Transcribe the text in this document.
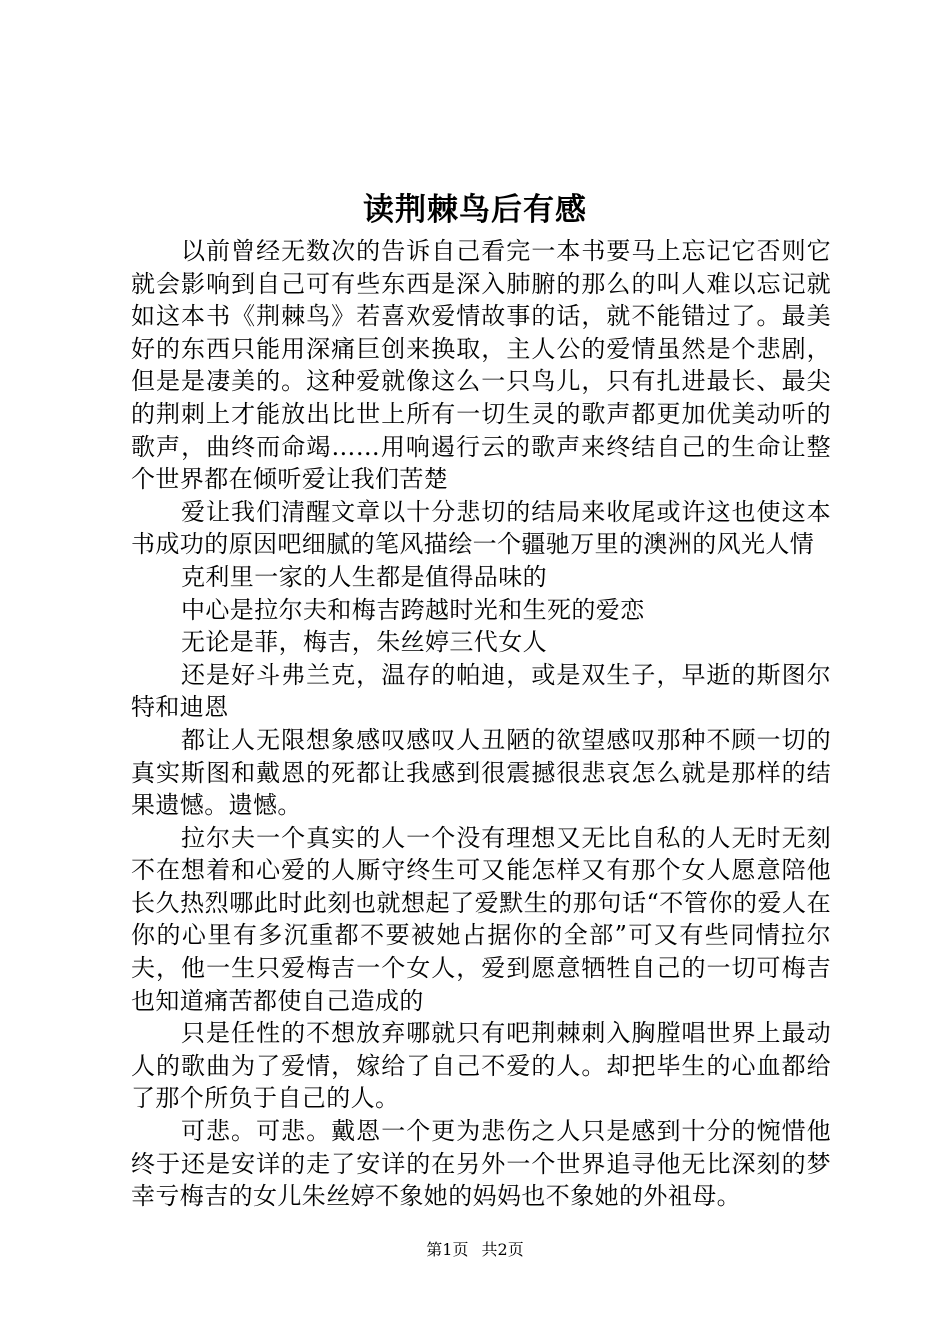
读荆棘鸟后有感

以前曾经无数次的告诉自己看完一本书要马上忘记它否则它就会影响到自己可有些东西是深入肺腑的那么的叫人难以忘记就如这本书《荆棘鸟》若喜欢爱情故事的话，就不能错过了。最美好的东西只能用深痛巨创来换取，主人公的爱情虽然是个悲剧，但是是凄美的。这种爱就像这么一只鸟儿，只有扎进最长、最尖的荆刺上才能放出比世上所有一切生灵的歌声都更加优美动听的歌声，曲终而命竭……用响遏行云的歌声来终结自己的生命让整个世界都在倾听爱让我们苦楚

爱让我们清醒文章以十分悲切的结局来收尾或许这也使这本书成功的原因吧细腻的笔风描绘一个疆驰万里的澳洲的风光人情

克利里一家的人生都是值得品味的

中心是拉尔夫和梅吉跨越时光和生死的爱恋

无论是菲，梅吉，朱丝婷三代女人

还是好斗弗兰克，温存的帕迪，或是双生子，早逝的斯图尔特和迪恩

都让人无限想象感叹感叹人丑陋的欲望感叹那种不顾一切的真实斯图和戴恩的死都让我感到很震撼很悲哀怎么就是那样的结果遗憾。遗憾。

拉尔夫一个真实的人一个没有理想又无比自私的人无时无刻不在想着和心爱的人厮守终生可又能怎样又有那个女人愿意陪他长久热烈哪此时此刻也就想起了爱默生的那句话“不管你的爱人在你的心里有多沉重都不要被她占据你的全部”可又有些同情拉尔夫，他一生只爱梅吉一个女人，爱到愿意牺牲自己的一切可梅吉也知道痛苦都使自己造成的

只是任性的不想放弃哪就只有吧荆棘刺入胸膛唱世界上最动人的歌曲为了爱情，嫁给了自己不爱的人。却把毕生的心血都给了那个所负于自己的人。

可悲。可悲。戴恩一个更为悲伤之人只是感到十分的惋惜他终于还是安详的走了安详的在另外一个世界追寻他无比深刻的梦幸亏梅吉的女儿朱丝婷不象她的妈妈也不象她的外祖母。

第1页 共2页
